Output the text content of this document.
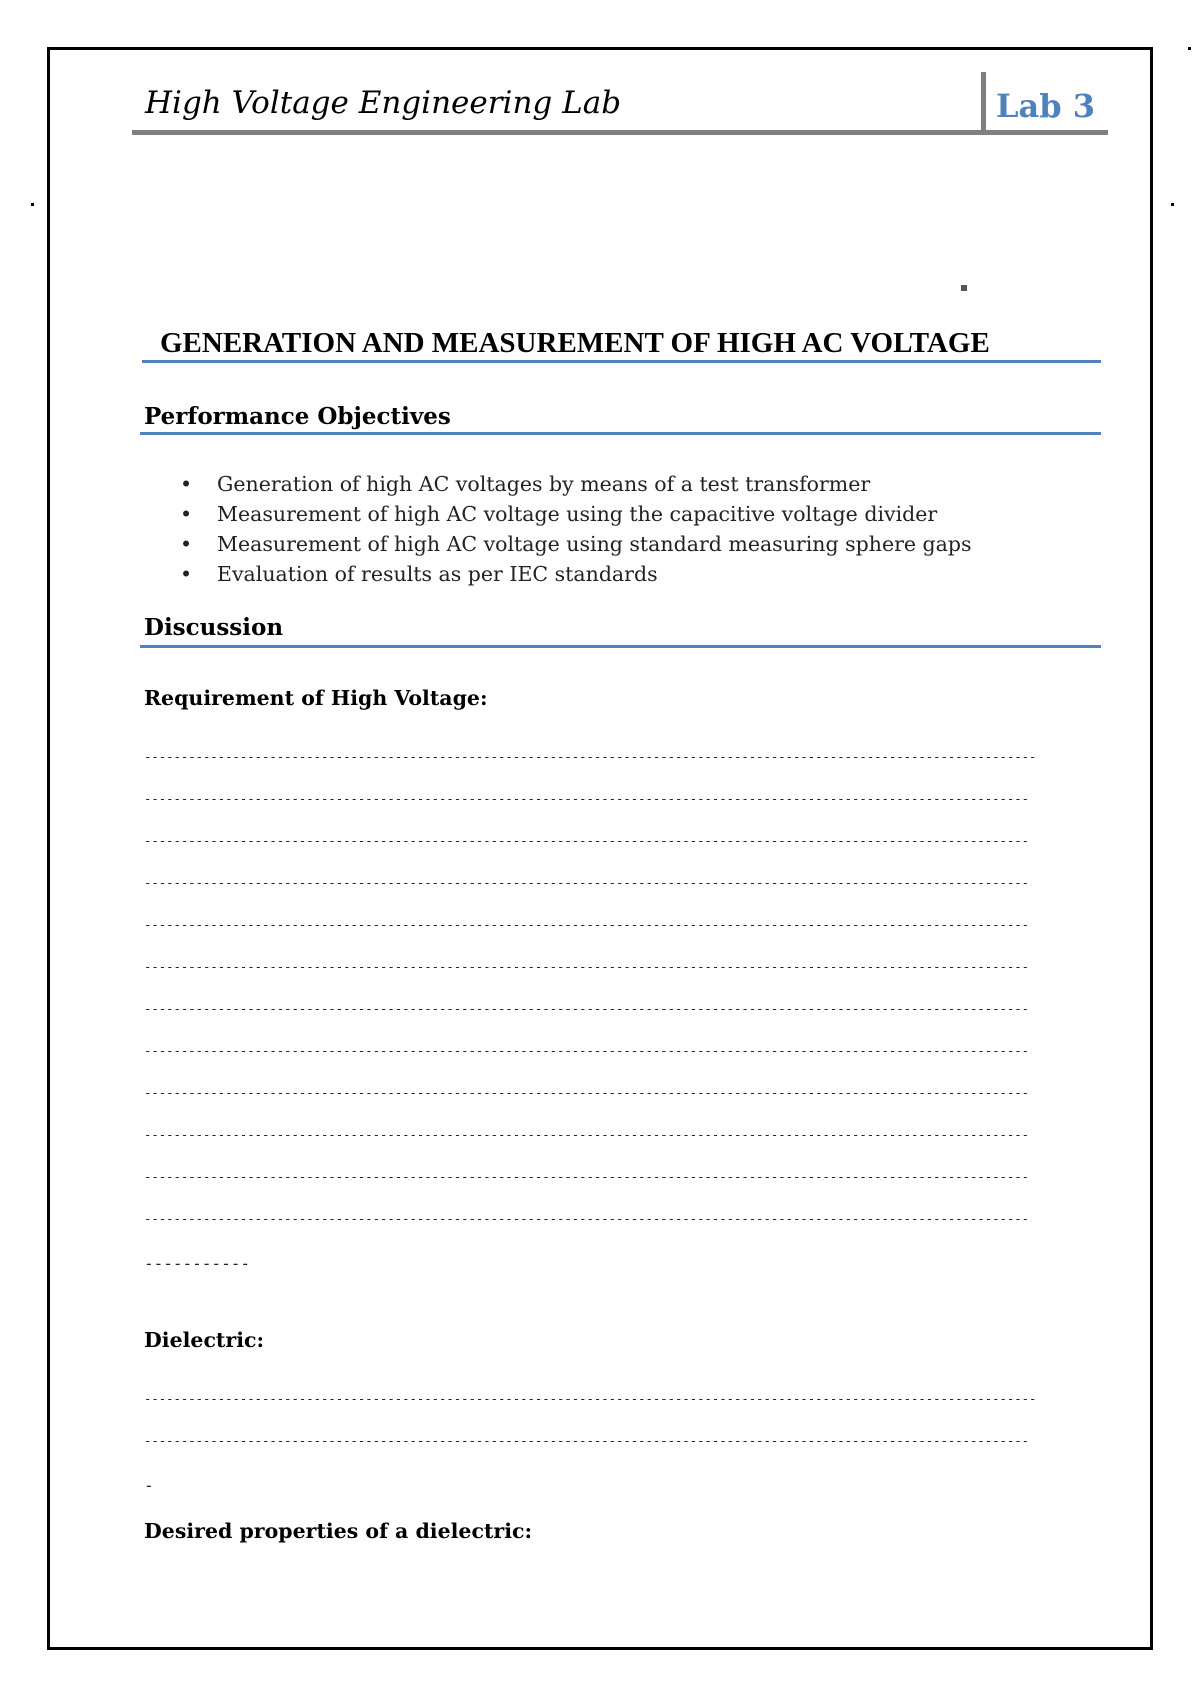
High Voltage Engineering Lab	Lab 3
GENERATION AND MEASUREMENT OF HIGH AC VOLTAGE
Performance Objectives
• Generation of high AC voltages by means of a test transformer
• Measurement of high AC voltage using the capacitive voltage divider
• Measurement of high AC voltage using standard measuring sphere gaps
• Evaluation of results as per IEC standards
Discussion
Requirement of High Voltage:
-------------------------------------------------------------------------------------------------------------------------
------------------------------------------------------------------------------------------------------------------------
------------------------------------------------------------------------------------------------------------------------
------------------------------------------------------------------------------------------------------------------------
------------------------------------------------------------------------------------------------------------------------
------------------------------------------------------------------------------------------------------------------------
------------------------------------------------------------------------------------------------------------------------
------------------------------------------------------------------------------------------------------------------------
------------------------------------------------------------------------------------------------------------------------
------------------------------------------------------------------------------------------------------------------------
------------------------------------------------------------------------------------------------------------------------
------------------------------------------------------------------------------------------------------------------------
-----------
Dielectric:
-------------------------------------------------------------------------------------------------------------------------
------------------------------------------------------------------------------------------------------------------------
-
Desired properties of a dielectric:
